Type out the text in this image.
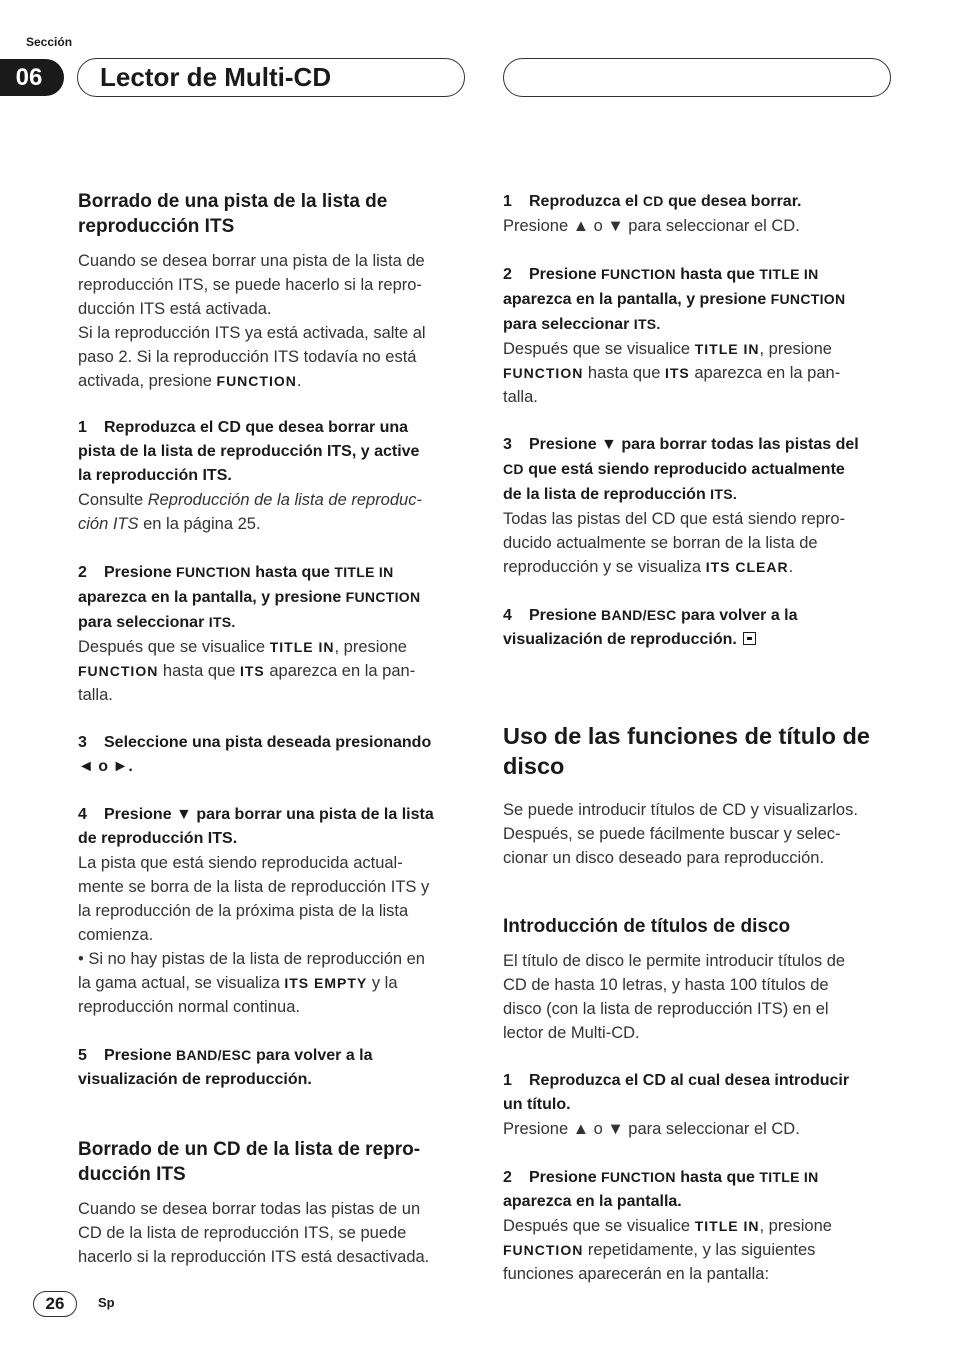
Sección
06	Lector de Multi-CD

Borrado de una pista de la lista de

reproducción ITS

Cuando se desea borrar una pista de la lista de

reproducción ITS, se puede hacerlo si la repro-

ducción ITS está activada.

Si la reproducción ITS ya está activada, salte al

paso 2. Si la reproducción ITS todavía no está

activada, presione FUNCTION.

1 Reproduzca el CD que desea borrar una

pista de la lista de reproducción ITS, y active

la reproducción ITS.

Consulte Reproducción de la lista de reproduc-

ción ITS en la página 25.

2 Presione FUNCTION hasta que TITLE IN

aparezca en la pantalla, y presione FUNCTION

para seleccionar ITS.

Después que se visualice TITLE IN, presione

FUNCTION hasta que ITS aparezca en la pan-

talla.

3 Seleccione una pista deseada presionando

◄ o ►.

4 Presione ▼ para borrar una pista de la lista

de reproducción ITS.

La pista que está siendo reproducida actual-

mente se borra de la lista de reproducción ITS y

la reproducción de la próxima pista de la lista

comienza.

• Si no hay pistas de la lista de reproducción en

la gama actual, se visualiza ITS EMPTY y la

reproducción normal continua.

5 Presione BAND/ESC para volver a la

visualización de reproducción.

Borrado de un CD de la lista de repro-

ducción ITS

Cuando se desea borrar todas las pistas de un

CD de la lista de reproducción ITS, se puede

hacerlo si la reproducción ITS está desactivada.

1 Reproduzca el CD que desea borrar.

Presione ▲ o ▼ para seleccionar el CD.

2 Presione FUNCTION hasta que TITLE IN

aparezca en la pantalla, y presione FUNCTION

para seleccionar ITS.

Después que se visualice TITLE IN, presione

FUNCTION hasta que ITS aparezca en la pan-

talla.

3 Presione ▼ para borrar todas las pistas del

CD que está siendo reproducido actualmente

de la lista de reproducción ITS.

Todas las pistas del CD que está siendo repro-

ducido actualmente se borran de la lista de

reproducción y se visualiza ITS CLEAR.

4 Presione BAND/ESC para volver a la

visualización de reproducción.

Uso de las funciones de título de

disco

Se puede introducir títulos de CD y visualizarlos.

Después, se puede fácilmente buscar y selec-

cionar un disco deseado para reproducción.

Introducción de títulos de disco

El título de disco le permite introducir títulos de

CD de hasta 10 letras, y hasta 100 títulos de

disco (con la lista de reproducción ITS) en el

lector de Multi-CD.

1 Reproduzca el CD al cual desea introducir

un título.

Presione ▲ o ▼ para seleccionar el CD.

2 Presione FUNCTION hasta que TITLE IN

aparezca en la pantalla.

Después que se visualice TITLE IN, presione

FUNCTION repetidamente, y las siguientes

funciones aparecerán en la pantalla:

26	Sp
